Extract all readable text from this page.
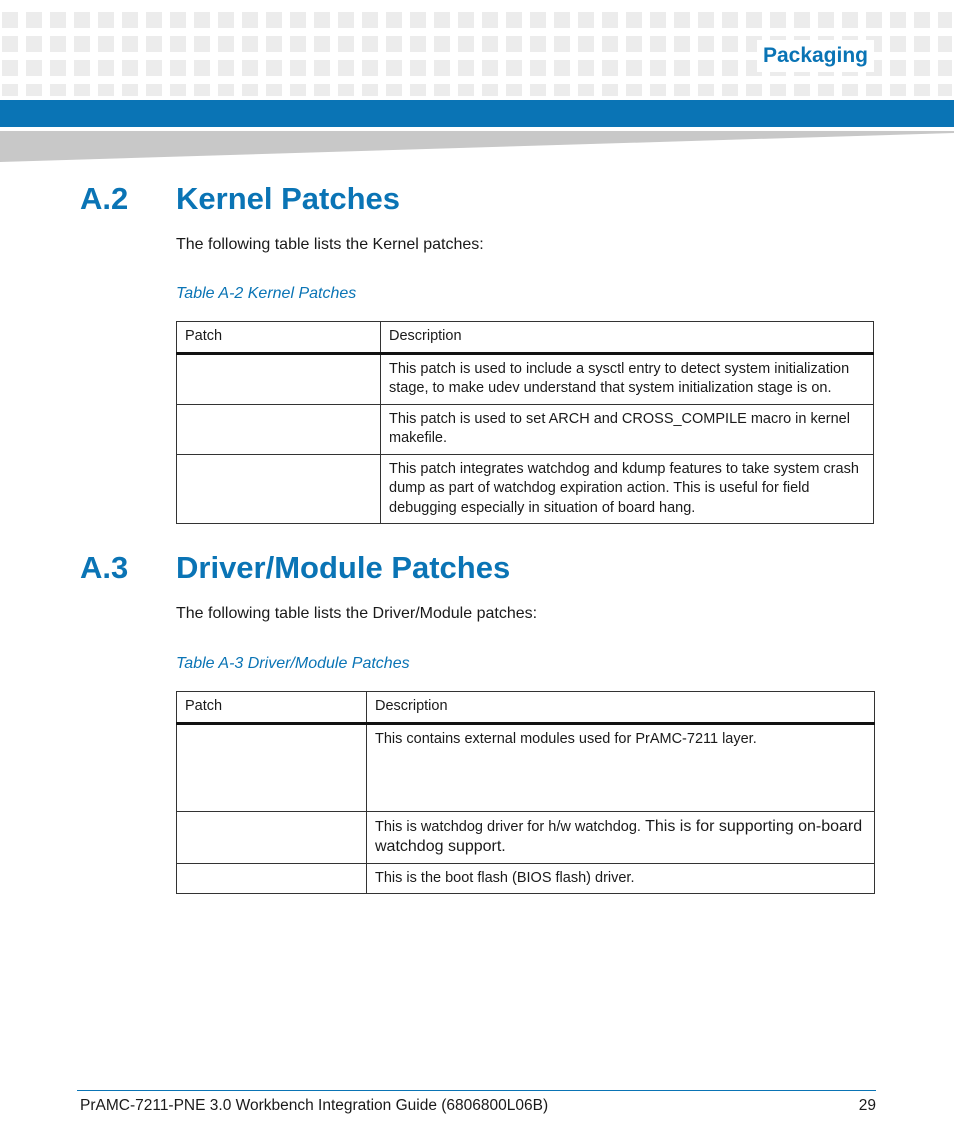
Packaging
A.2 Kernel Patches
The following table lists the Kernel patches:
Table A-2 Kernel Patches
Patch	Description
	This patch is used to include a sysctl entry to detect system initialization stage, to make udev understand that system initialization stage is on.
	This patch is used to set ARCH and CROSS_COMPILE macro in kernel makefile.
	This patch integrates watchdog and kdump features to take system crash dump as part of watchdog expiration action. This is useful for field debugging especially in situation of board hang.
A.3 Driver/Module Patches
The following table lists the Driver/Module patches:
Table A-3 Driver/Module Patches
Patch	Description
	This contains external modules used for PrAMC-7211 layer.
	This is watchdog driver for h/w watchdog. This is for supporting on-board watchdog support.
	This is the boot flash (BIOS flash) driver.
PrAMC-7211-PNE 3.0 Workbench Integration Guide (6806800L06B)	29
